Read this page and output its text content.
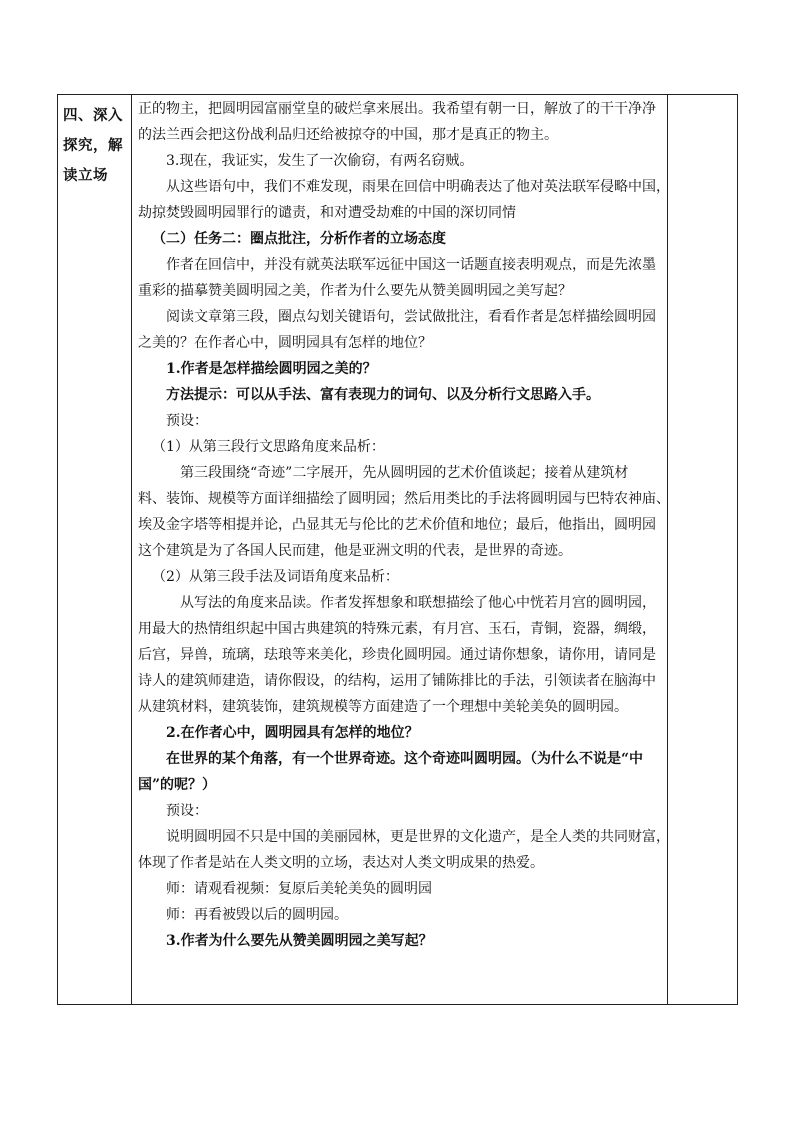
四、深入
探究，解
读立场
正的物主，把圆明园富丽堂皇的破烂拿来展出。我希望有朝一日，解放了的干干净净
的法兰西会把这份战利品归还给被掠夺的中国，那才是真正的物主。
3.现在，我证实，发生了一次偷窃，有两名窃贼。
从这些语句中，我们不难发现，雨果在回信中明确表达了他对英法联军侵略中国，
劫掠焚毁圆明园罪行的谴责，和对遭受劫难的中国的深切同情
（二）任务二：圈点批注，分析作者的立场态度
作者在回信中，并没有就英法联军远征中国这一话题直接表明观点，而是先浓墨
重彩的描摹赞美圆明园之美，作者为什么要先从赞美圆明园之美写起？
阅读文章第三段，圈点勾划关键语句，尝试做批注，看看作者是怎样描绘圆明园
之美的？在作者心中，圆明园具有怎样的地位？
1.作者是怎样描绘圆明园之美的？
方法提示：可以从手法、富有表现力的词句、以及分析行文思路入手。
预设：
（1）从第三段行文思路角度来品析：
第三段围绕“奇迹”二字展开，先从圆明园的艺术价值谈起；接着从建筑材
料、装饰、规模等方面详细描绘了圆明园；然后用类比的手法将圆明园与巴特农神庙、
埃及金字塔等相提并论，凸显其无与伦比的艺术价值和地位；最后，他指出，圆明园
这个建筑是为了各国人民而建，他是亚洲文明的代表，是世界的奇迹。
（2）从第三段手法及词语角度来品析：
从写法的角度来品读。作者发挥想象和联想描绘了他心中恍若月宫的圆明园，
用最大的热情组织起中国古典建筑的特殊元素，有月宫、玉石，青铜，瓷器，绸缎，
后宫，异兽，琉璃，珐琅等来美化，珍贵化圆明园。通过请你想象，请你用，请同是
诗人的建筑师建造，请你假设，的结构，运用了铺陈排比的手法，引领读者在脑海中
从建筑材料，建筑装饰，建筑规模等方面建造了一个理想中美轮美奂的圆明园。
2.在作者心中，圆明园具有怎样的地位？
在世界的某个角落，有一个世界奇迹。这个奇迹叫圆明园。（为什么不说是“中
国”的呢？）
预设：
说明圆明园不只是中国的美丽园林，更是世界的文化遗产，是全人类的共同财富，
体现了作者是站在人类文明的立场，表达对人类文明成果的热爱。
师：请观看视频：复原后美轮美奂的圆明园
师：再看被毁以后的圆明园。
3.作者为什么要先从赞美圆明园之美写起？
